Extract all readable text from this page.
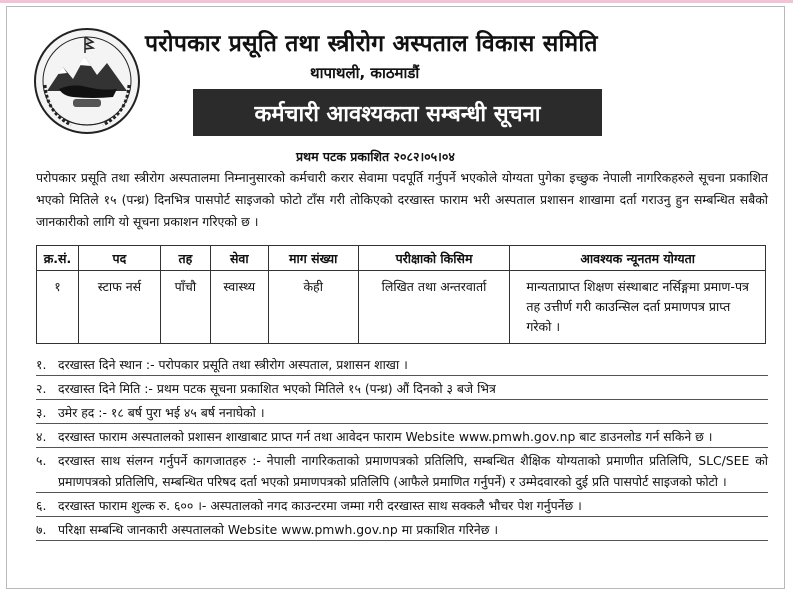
परोपकार प्रसूति तथा स्त्रीरोग अस्पताल विकास समिति
थापाथली, काठमाडौं
कर्मचारी आवश्यकता सम्बन्धी सूचना
प्रथम पटक प्रकाशित २०८२।०५।०४

परोपकार प्रसूति तथा स्त्रीरोग अस्पतालमा निम्नानुसारको कर्मचारी करार सेवामा पदपूर्ति गर्नुपर्ने भएकोले योग्यता पुगेका इच्छुक नेपाली नागरिकहरुले सूचना प्रकाशित भएको मितिले १५ (पन्ध्र) दिनभित्र पासपोर्ट साइजको फोटो टाँस गरी तोकिएको दरखास्त फाराम भरी अस्पताल प्रशासन शाखामा दर्ता गराउनु हुन सम्बन्धित सबैको जानकारीको लागि यो सूचना प्रकाशन गरिएको छ ।

क्र.सं.	पद	तह	सेवा	माग संख्या	परीक्षाको किसिम	आवश्यक न्यूनतम योग्यता
१	स्टाफ नर्स	पाँचौ	स्वास्थ्य	केही	लिखित तथा अन्तरवार्ता	मान्यताप्राप्त शिक्षण संस्थाबाट नर्सिङ्गमा प्रमाण-पत्र तह उत्तीर्ण गरी काउन्सिल दर्ता प्रमाणपत्र प्राप्त गरेको ।
१. दरखास्त दिने स्थान :- परोपकार प्रसूति तथा स्त्रीरोग अस्पताल, प्रशासन शाखा ।
२. दरखास्त दिने मिति :- प्रथम पटक सूचना प्रकाशित भएको मितिले १५ (पन्ध्र) औं दिनको ३ बजे भित्र
३. उमेर हद :- १८ बर्ष पुरा भई ४५ बर्ष ननाघेको ।
४. दरखास्त फाराम अस्पतालको प्रशासन शाखाबाट प्राप्त गर्न तथा आवेदन फाराम Website www.pmwh.gov.np बाट डाउनलोड गर्न सकिने छ ।
५. दरखास्त साथ संलग्न गर्नुपर्ने कागजातहरु :- नेपाली नागरिकताको प्रमाणपत्रको प्रतिलिपि, सम्बन्धित शैक्षिक योग्यताको प्रमाणीत प्रतिलिपि, SLC/SEE को प्रमाणपत्रको प्रतिलिपि, सम्बन्धित परिषद दर्ता भएको प्रमाणपत्रको प्रतिलिपि (आफैले प्रमाणित गर्नुपर्ने) र उम्मेदवारको दुई प्रति पासपोर्ट साइजको फोटो ।
६. दरखास्त फाराम शुल्क रु. ६०० ।- अस्पतालको नगद काउन्टरमा जम्मा गरी दरखास्त साथ सक्कलै भौचर पेश गर्नुपर्नेछ ।
७. परिक्षा सम्बन्धि जानकारी अस्पतालको Website www.pmwh.gov.np मा प्रकाशित गरिनेछ ।
